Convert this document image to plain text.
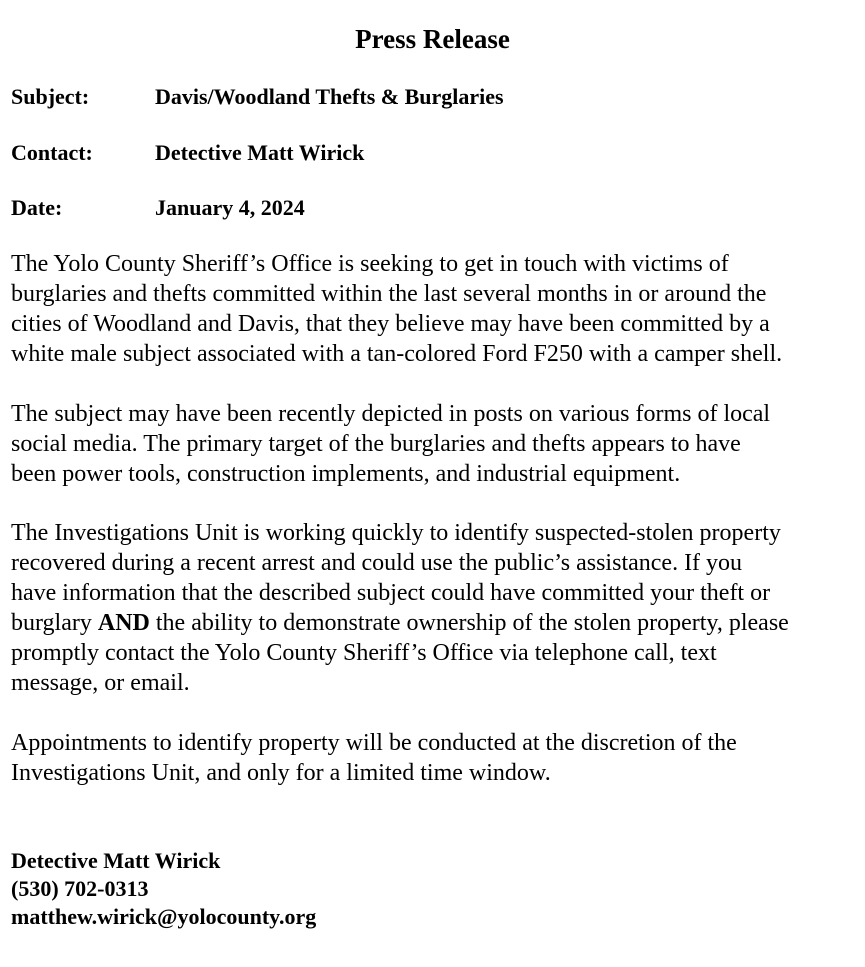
Press Release
Subject:	Davis/Woodland Thefts & Burglaries
Contact:	Detective Matt Wirick
Date:	January 4, 2024
The Yolo County Sheriff’s Office is seeking to get in touch with victims of
burglaries and thefts committed within the last several months in or around the
cities of Woodland and Davis, that they believe may have been committed by a
white male subject associated with a tan-colored Ford F250 with a camper shell.
The subject may have been recently depicted in posts on various forms of local
social media. The primary target of the burglaries and thefts appears to have
been power tools, construction implements, and industrial equipment.
The Investigations Unit is working quickly to identify suspected-stolen property
recovered during a recent arrest and could use the public’s assistance. If you
have information that the described subject could have committed your theft or
burglary AND the ability to demonstrate ownership of the stolen property, please
promptly contact the Yolo County Sheriff’s Office via telephone call, text
message, or email.
Appointments to identify property will be conducted at the discretion of the
Investigations Unit, and only for a limited time window.
Detective Matt Wirick
(530) 702-0313
matthew.wirick@yolocounty.org
